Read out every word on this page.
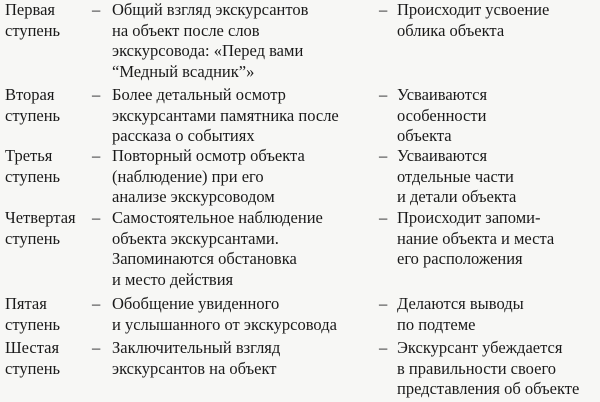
Первая
ступень
– Общий взгляд экскурсантов
на объект после слов
экскурсовода: «Перед вами
“Медный всадник”»
– Происходит усвоение
облика объекта
Вторая
ступень
– Более детальный осмотр
экскурсантами памятника после
рассказа о событиях
– Усваиваются
особенности
объекта
Третья
ступень
– Повторный осмотр объекта
(наблюдение) при его
анализе экскурсоводом
– Усваиваются
отдельные части
и детали объекта
Четвертая
ступень
– Самостоятельное наблюдение
объекта экскурсантами.
Запоминаются обстановка
и место действия
– Происходит запоми-
нание объекта и места
его расположения
Пятая
ступень
– Обобщение увиденного
и услышанного от экскурсовода
– Делаются выводы
по подтеме
Шестая
ступень
– Заключительный взгляд
экскурсантов на объект
– Экскурсант убеждается
в правильности своего
представления об объекте
